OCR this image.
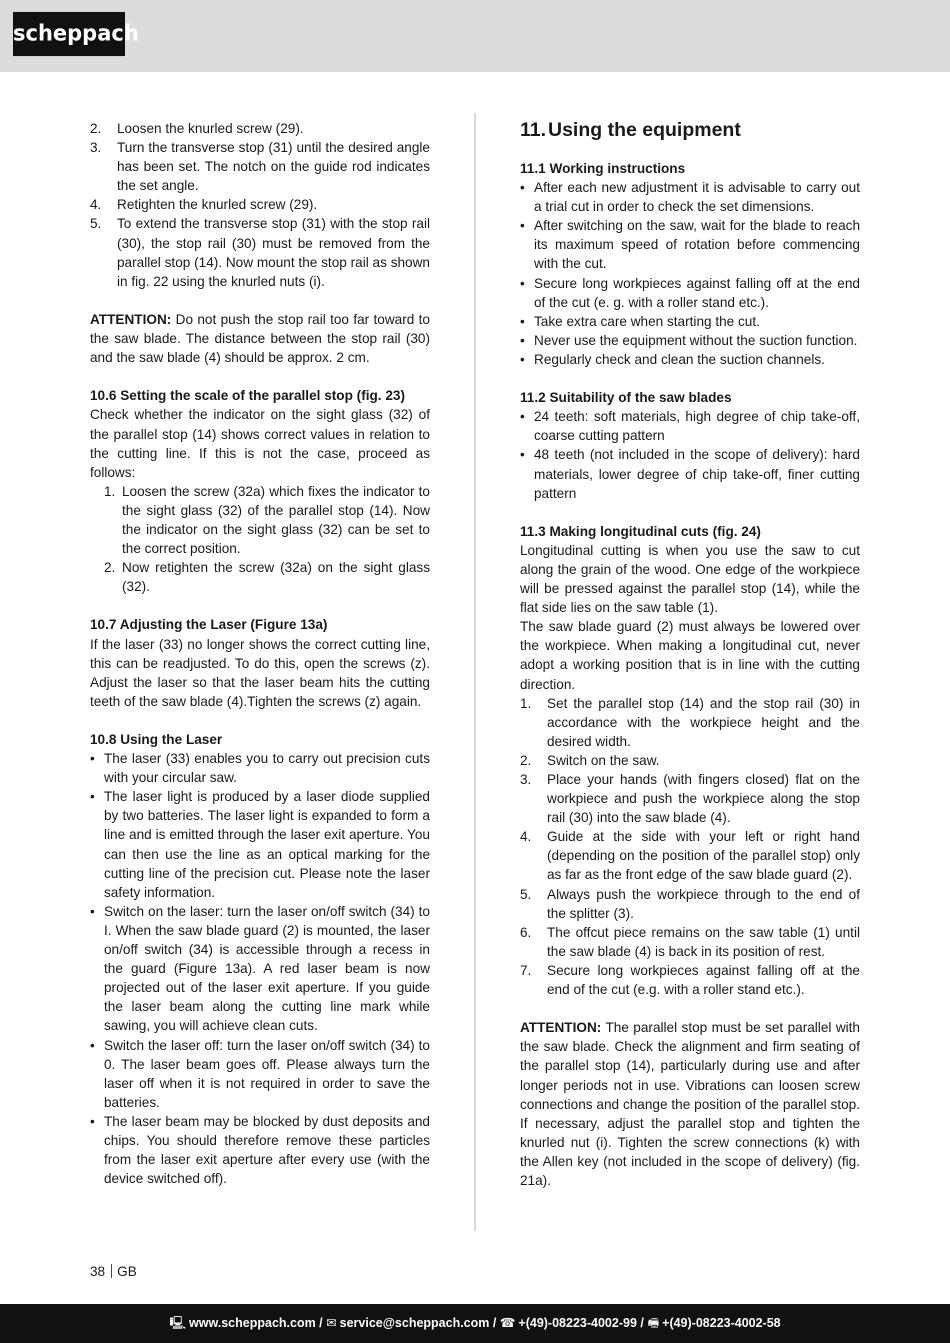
scheppach
2. Loosen the knurled screw (29).
3. Turn the transverse stop (31) until the desired angle has been set. The notch on the guide rod indicates the set angle.
4. Retighten the knurled screw (29).
5. To extend the transverse stop (31) with the stop rail (30), the stop rail (30) must be removed from the parallel stop (14). Now mount the stop rail as shown in fig. 22 using the knurled nuts (i).

ATTENTION: Do not push the stop rail too far toward to the saw blade. The distance between the stop rail (30) and the saw blade (4) should be approx. 2 cm.

10.6 Setting the scale of the parallel stop (fig. 23)

Check whether the indicator on the sight glass (32) of the parallel stop (14) shows correct values in relation to the cutting line. If this is not the case, proceed as follows:

1. Loosen the screw (32a) which fixes the indicator to the sight glass (32) of the parallel stop (14). Now the indicator on the sight glass (32) can be set to the correct position.
2. Now retighten the screw (32a) on the sight glass (32).

10.7 Adjusting the Laser (Figure 13a)

If the laser (33) no longer shows the correct cutting line, this can be readjusted. To do this, open the screws (z). Adjust the laser so that the laser beam hits the cutting teeth of the saw blade (4).Tighten the screws (z) again.

10.8 Using the Laser

• The laser (33) enables you to carry out precision cuts with your circular saw.
• The laser light is produced by a laser diode supplied by two batteries. The laser light is expanded to form a line and is emitted through the laser exit aperture. You can then use the line as an optical marking for the cutting line of the precision cut. Please note the laser safety information.
• Switch on the laser: turn the laser on/off switch (34) to I. When the saw blade guard (2) is mounted, the laser on/off switch (34) is accessible through a recess in the guard (Figure 13a). A red laser beam is now projected out of the laser exit aperture. If you guide the laser beam along the cutting line mark while sawing, you will achieve clean cuts.
• Switch the laser off: turn the laser on/off switch (34) to 0. The laser beam goes off. Please always turn the laser off when it is not required in order to save the batteries.
• The laser beam may be blocked by dust deposits and chips. You should therefore remove these particles from the laser exit aperture after every use (with the device switched off).

11. Using the equipment

11.1 Working instructions

• After each new adjustment it is advisable to carry out a trial cut in order to check the set dimensions.
• After switching on the saw, wait for the blade to reach its maximum speed of rotation before commencing with the cut.
• Secure long workpieces against falling off at the end of the cut (e. g. with a roller stand etc.).
• Take extra care when starting the cut.
• Never use the equipment without the suction function.
• Regularly check and clean the suction channels.

11.2 Suitability of the saw blades

• 24 teeth: soft materials, high degree of chip take-off, coarse cutting pattern
• 48 teeth (not included in the scope of delivery): hard materials, lower degree of chip take-off, finer cutting pattern

11.3 Making longitudinal cuts (fig. 24)

Longitudinal cutting is when you use the saw to cut along the grain of the wood. One edge of the workpiece will be pressed against the parallel stop (14), while the flat side lies on the saw table (1).

The saw blade guard (2) must always be lowered over the workpiece. When making a longitudinal cut, never adopt a working position that is in line with the cutting direction.

1. Set the parallel stop (14) and the stop rail (30) in accordance with the workpiece height and the desired width.
2. Switch on the saw.
3. Place your hands (with fingers closed) flat on the workpiece and push the workpiece along the stop rail (30) into the saw blade (4).
4. Guide at the side with your left or right hand (depending on the position of the parallel stop) only as far as the front edge of the saw blade guard (2).
5. Always push the workpiece through to the end of the splitter (3).
6. The offcut piece remains on the saw table (1) until the saw blade (4) is back in its position of rest.
7. Secure long workpieces against falling off at the end of the cut (e.g. with a roller stand etc.).

ATTENTION: The parallel stop must be set parallel with the saw blade. Check the alignment and firm seating of the parallel stop (14), particularly during use and after longer periods not in use. Vibrations can loosen screw connections and change the position of the parallel stop. If necessary, adjust the parallel stop and tighten the knurled nut (i). Tighten the screw connections (k) with the Allen key (not included in the scope of delivery) (fig. 21a).

38 GB
🖳 www.scheppach.com / ✉ service@scheppach.com / ☎ +(49)-08223-4002-99 / 🖷 +(49)-08223-4002-58
